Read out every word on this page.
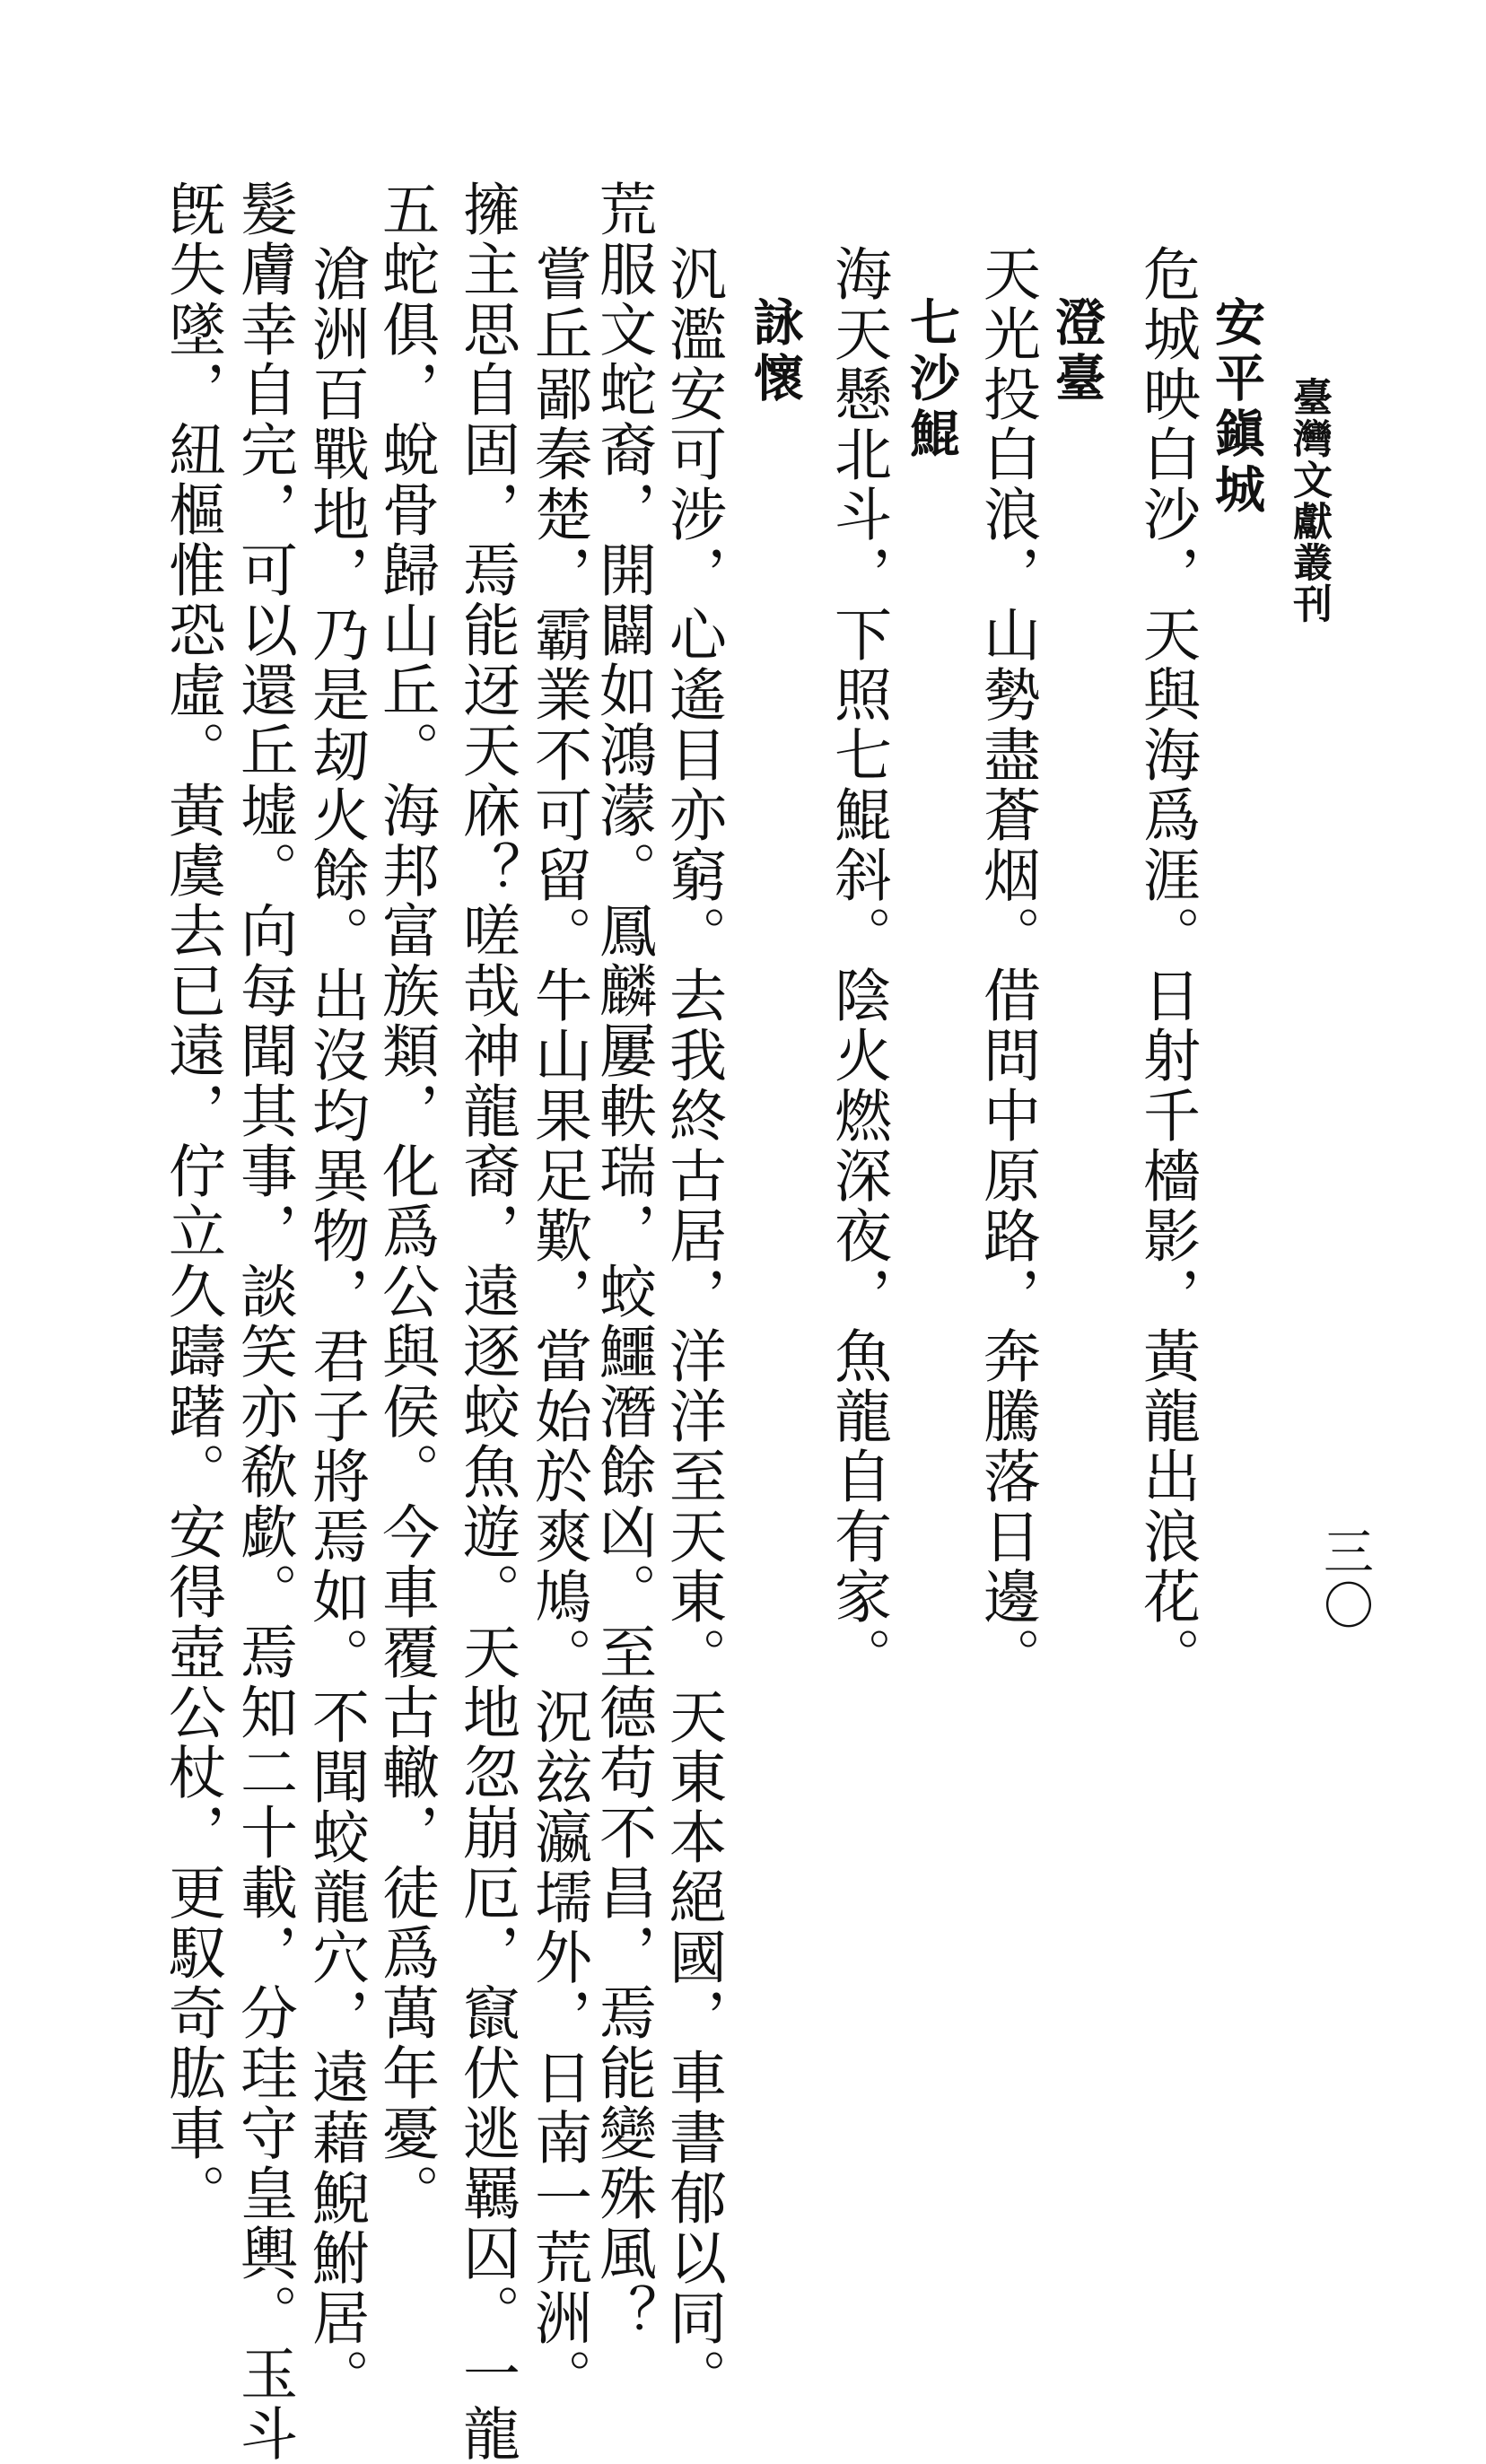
臺灣文獻叢刊
三〇
安平鎭城
危城映白沙，天與海爲涯。日射千檣影，黃龍出浪花。
澄臺
天光投白浪，山勢盡蒼烟。借問中原路，奔騰落日邊。
七沙鯤
海天懸北斗，下照七鯤斜。陰火燃深夜，魚龍自有家。
詠懷
汎濫安可涉，心遙目亦窮。去我終古居，洋洋至天東。天東本絕國，車書郁以同。
荒服文蛇裔，開闢如鴻濛。鳳麟屢軼瑞，蛟鱷潛餘凶。至德苟不昌，焉能變殊風？
嘗丘鄙秦楚，霸業不可留。牛山果足歎，當始於爽鳩。況玆瀛壖外，日南一荒洲。
擁主思自固，焉能迓天庥？嗟哉神龍裔，遠逐蛟魚遊。天地忽崩厄，竄伏逃羈囚。一龍
五蛇俱，蛻骨歸山丘。海邦富族類，化爲公與侯。今車覆古轍，徒爲萬年憂。
滄洲百戰地，乃是刼火餘。出沒均異物，君子將焉如。不聞蛟龍穴，遠藉鯢鮒居。
髮膚幸自完，可以還丘墟。向每聞其事，談笑亦欷歔。焉知二十載，分珪守皇輿。玉斗
旣失墜，紐樞惟恐虛。黃虞去已遠，佇立久躊躇。安得壺公杖，更馭奇肱車。
